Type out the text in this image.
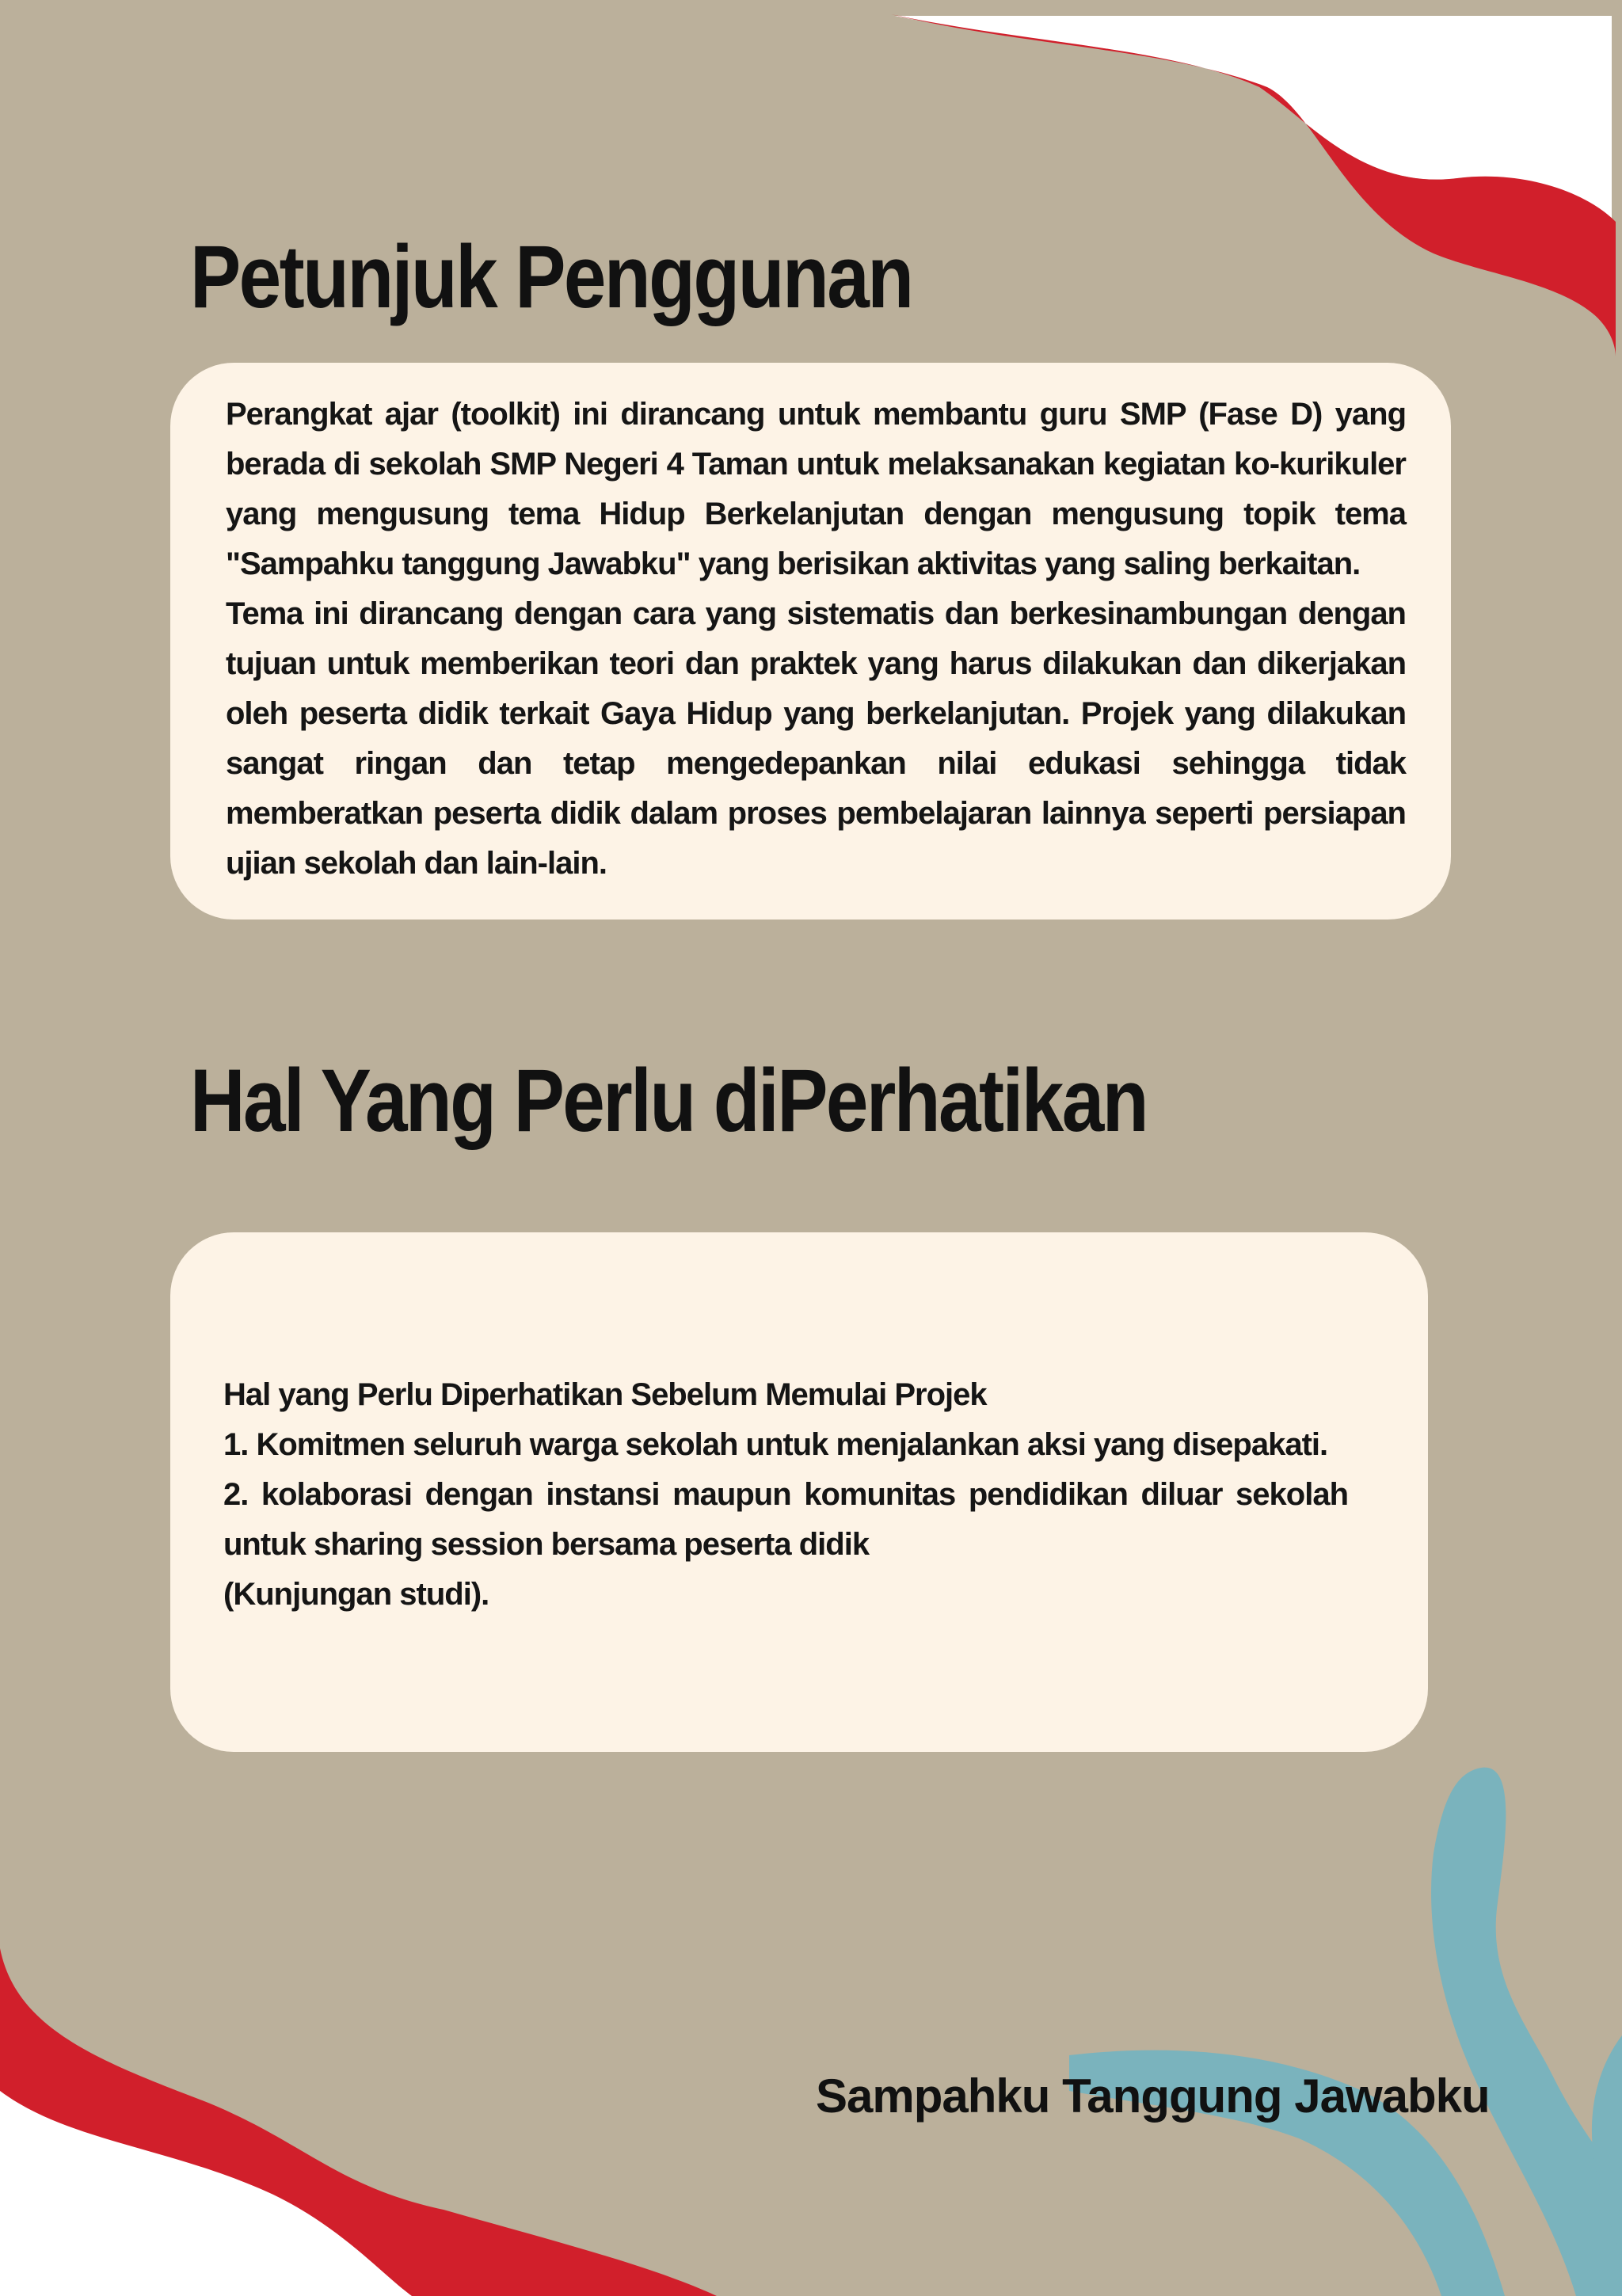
Petunjuk Penggunan

Perangkat ajar (toolkit) ini dirancang untuk membantu guru SMP (Fase D) yang berada di sekolah SMP Negeri 4 Taman untuk melaksanakan kegiatan ko-kurikuler yang mengusung tema Hidup Berkelanjutan dengan mengusung topik tema "Sampahku tanggung Jawabku" yang berisikan aktivitas yang saling berkaitan.

Tema ini dirancang dengan cara yang sistematis dan berkesinambungan dengan tujuan untuk memberikan teori dan praktek yang harus dilakukan dan dikerjakan oleh peserta didik terkait Gaya Hidup yang berkelanjutan. Projek yang dilakukan sangat ringan dan tetap mengedepankan nilai edukasi sehingga tidak memberatkan peserta didik dalam proses pembelajaran lainnya seperti persiapan ujian sekolah dan lain-lain.

Hal Yang Perlu diPerhatikan

Hal yang Perlu Diperhatikan Sebelum Memulai Projek

1. Komitmen seluruh warga sekolah untuk menjalankan aksi yang disepakati.

2. kolaborasi dengan instansi maupun komunitas pendidikan diluar sekolah

untuk sharing session bersama peserta didik

(Kunjungan studi).

Sampahku Tanggung Jawabku
